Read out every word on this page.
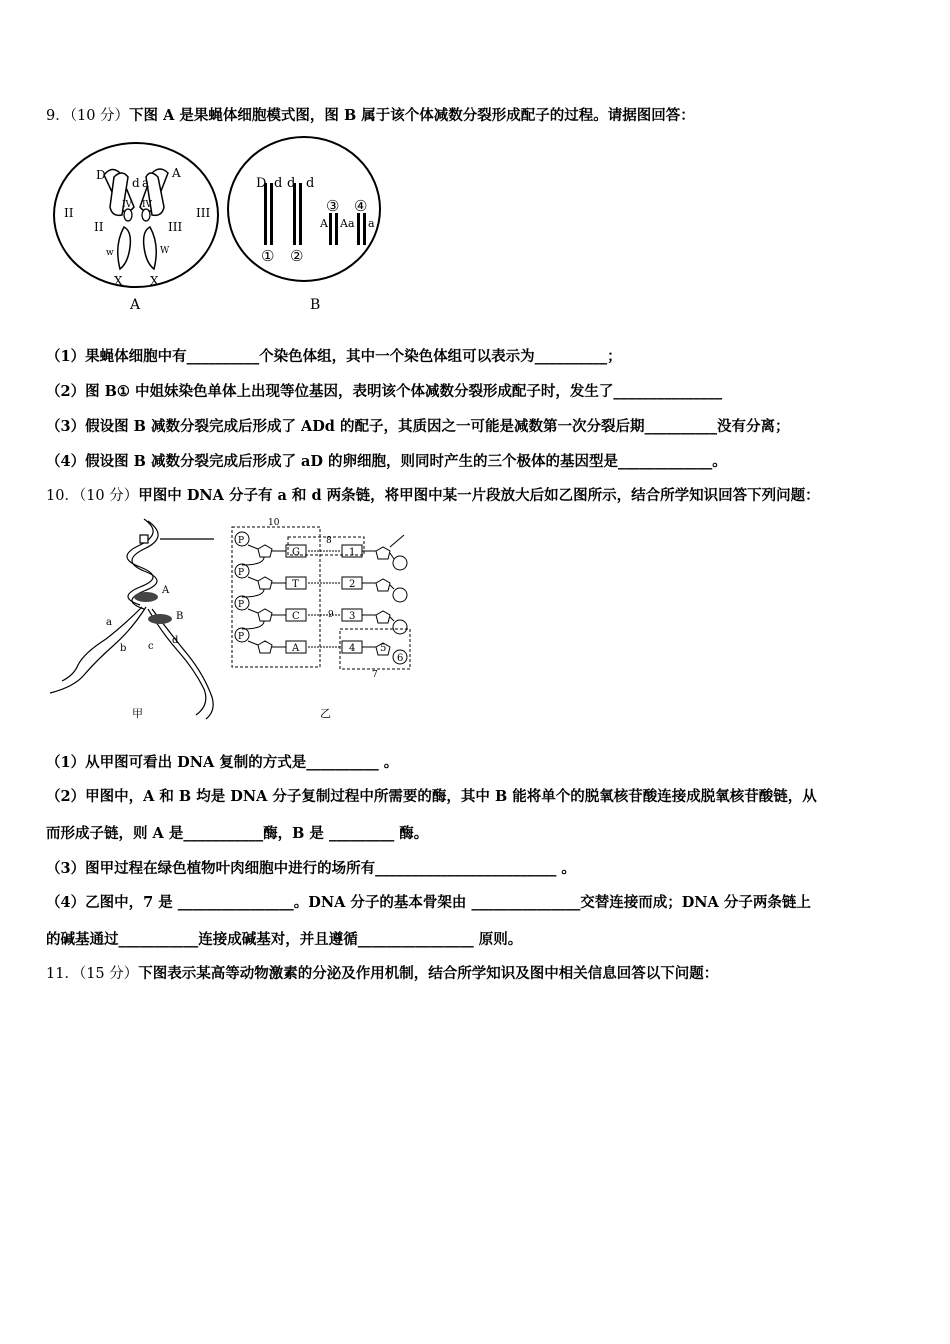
9．（10 分）下图 A 是果蝇体细胞模式图，图 B 属于该个体减数分裂形成配子的过程。请据图回答：
D
d a
A
II
II
IV IV
III
III
w	W
X X
A
D d d d
① ②
③ ④
A A a a
B
（1）果蝇体细胞中有__________个染色体组，其中一个染色体组可以表示为__________；
（2）图 B① 中姐妹染色单体上出现等位基因，表明该个体减数分裂形成配子时，发生了_______________
（3）假设图 B 减数分裂完成后形成了 ADd 的配子，其质因之一可能是减数第一次分裂后期__________没有分离；
（4）假设图 B 减数分裂完成后形成了 aD 的卵细胞，则同时产生的三个极体的基因型是_____________。
10．（10 分）甲图中 DNA 分子有 a 和 d 两条链，将甲图中某一片段放大后如乙图所示，结合所学知识回答下列问题：
A
B
a
b c
d
甲
P
P
P
P
G
T
C
A
1
2
3
4 5
6
7
8
9
10
乙
（1）从甲图可看出 DNA 复制的方式是__________ 。
（2）甲图中，A 和 B 均是 DNA 分子复制过程中所需要的酶，其中 B 能将单个的脱氧核苷酸连接成脱氧核苷酸链，从
而形成子链，则 A 是___________酶，B 是 _________ 酶。
（3）图甲过程在绿色植物叶肉细胞中进行的场所有_________________________ 。
（4）乙图中，7 是 ________________。DNA 分子的基本骨架由 _______________交替连接而成；DNA 分子两条链上
的碱基通过___________连接成碱基对，并且遵循________________ 原则。
11．（15 分）下图表示某高等动物激素的分泌及作用机制，结合所学知识及图中相关信息回答以下问题：
